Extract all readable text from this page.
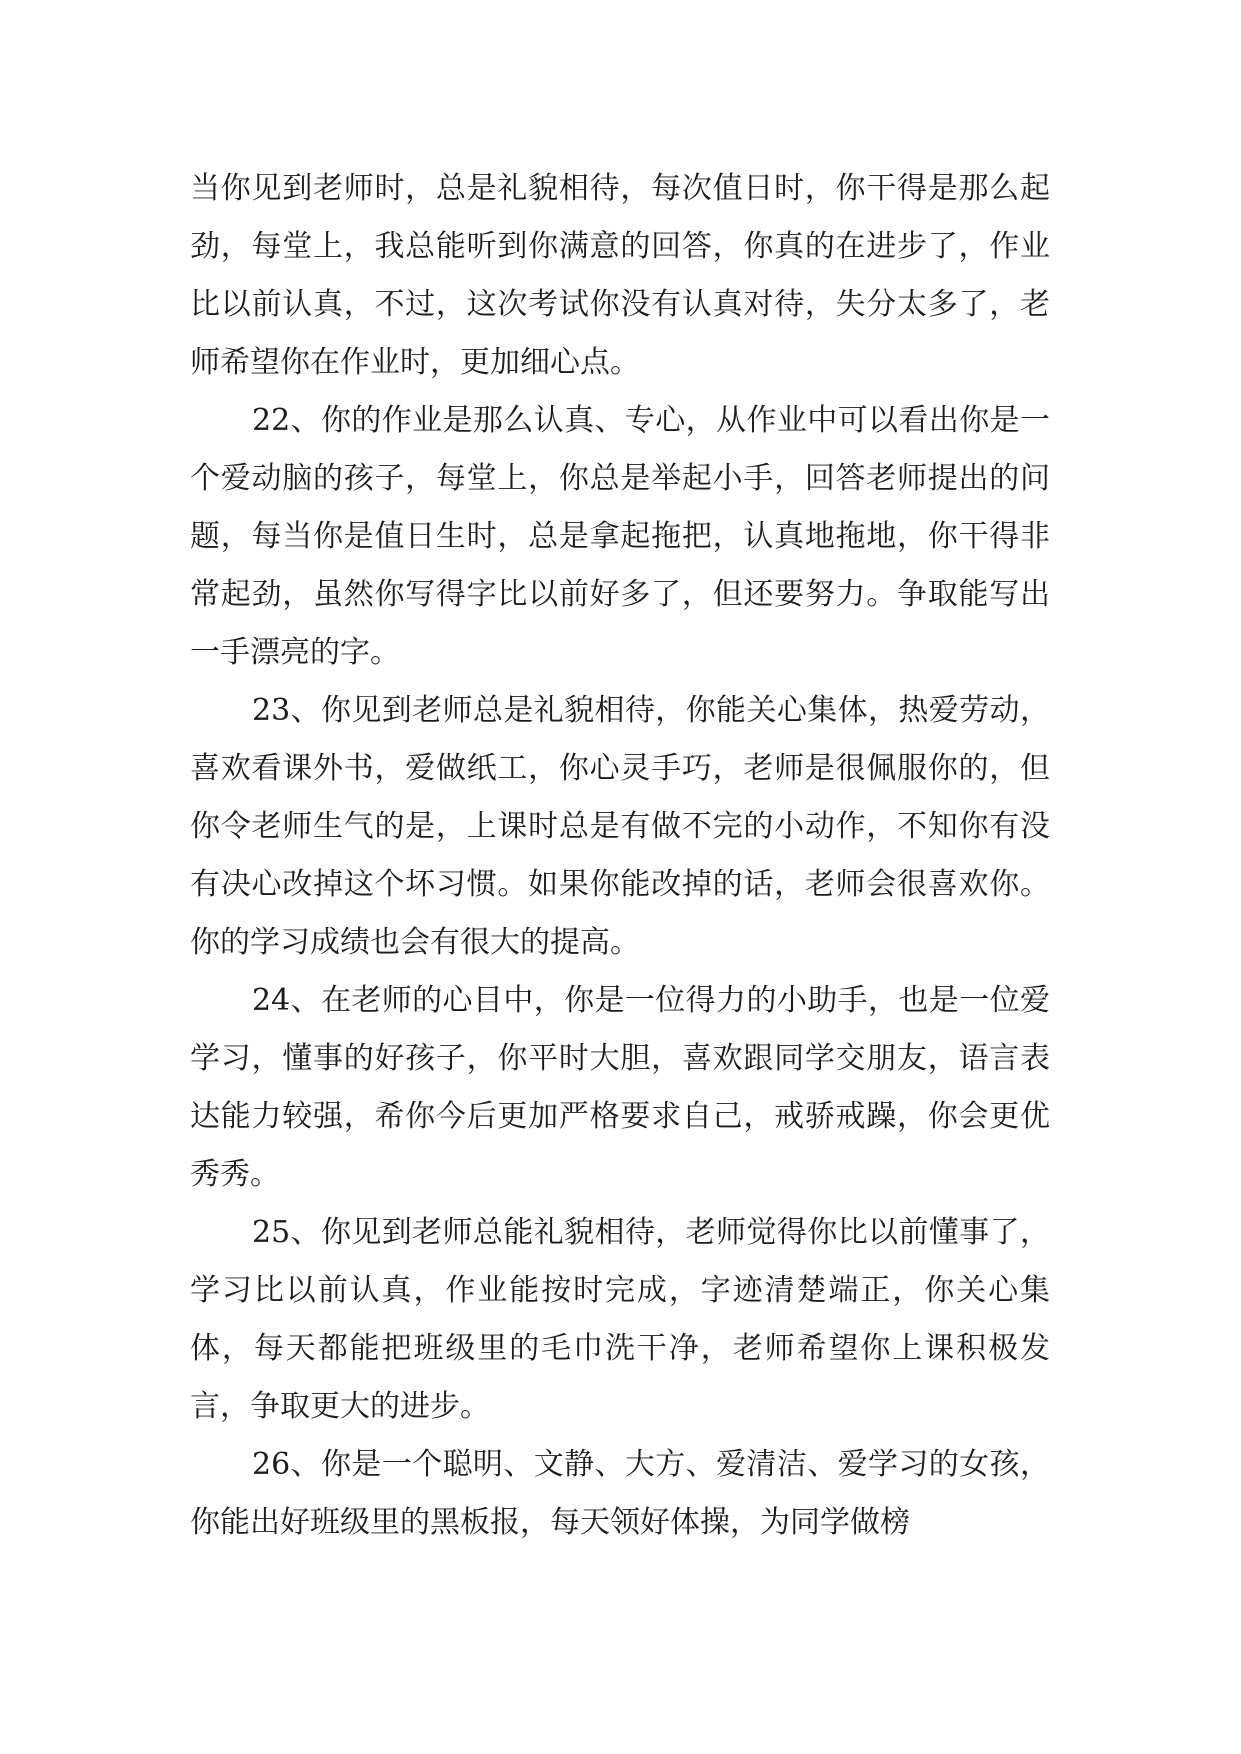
当你见到老师时，总是礼貌相待，每次值日时，你干得是那么起劲，每堂上，我总能听到你满意的回答，你真的在进步了，作业比以前认真，不过，这次考试你没有认真对待，失分太多了，老师希望你在作业时，更加细心点。

22、你的作业是那么认真、专心，从作业中可以看出你是一个爱动脑的孩子，每堂上，你总是举起小手，回答老师提出的问题，每当你是值日生时，总是拿起拖把，认真地拖地，你干得非常起劲，虽然你写得字比以前好多了，但还要努力。争取能写出一手漂亮的字。

23、你见到老师总是礼貌相待，你能关心集体，热爱劳动，喜欢看课外书，爱做纸工，你心灵手巧，老师是很佩服你的，但你令老师生气的是，上课时总是有做不完的小动作，不知你有没有决心改掉这个坏习惯。如果你能改掉的话，老师会很喜欢你。你的学习成绩也会有很大的提高。

24、在老师的心目中，你是一位得力的小助手，也是一位爱学习，懂事的好孩子，你平时大胆，喜欢跟同学交朋友，语言表达能力较强，希你今后更加严格要求自己，戒骄戒躁，你会更优秀秀。

25、你见到老师总能礼貌相待，老师觉得你比以前懂事了，学习比以前认真，作业能按时完成，字迹清楚端正，你关心集体，每天都能把班级里的毛巾洗干净，老师希望你上课积极发言，争取更大的进步。

26、你是一个聪明、文静、大方、爱清洁、爱学习的女孩，你能出好班级里的黑板报，每天领好体操，为同学做榜
